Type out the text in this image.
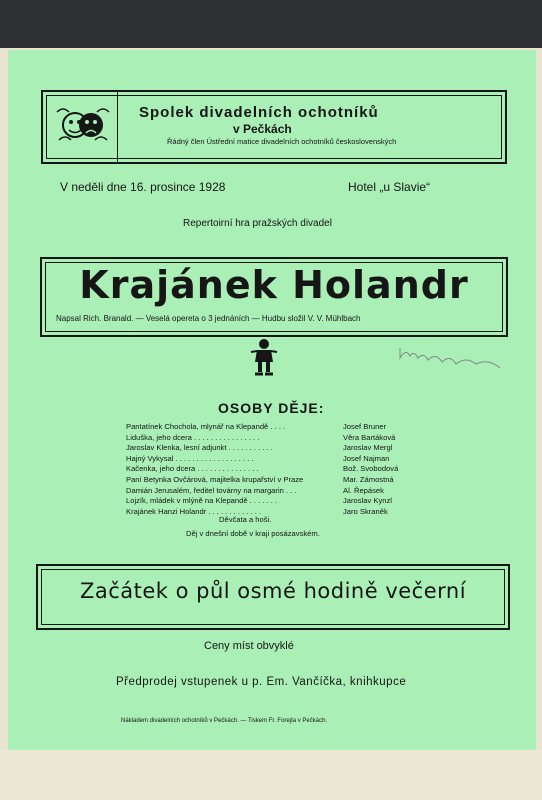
Spolek divadelních ochotníků
v Pečkách
Řádný člen Ústřední matice divadelních ochotníků československých
V neděli dne 16. prosince 1928	Hotel „u Slavie“
Repertoirní hra pražských divadel
Krajánek Holandr
Napsal Rich. Branald. — Veselá opereta o 3 jednáních — Hudbu složil V. V. Mühlbach
OSOBY DĚJE:
Pantatínek Chochola, mlynář na Klepandě . . . .	Josef Bruner
Liduška, jeho dcera . . . . . . . . . . . . . . . .	Věra Bartáková
Jaroslav Klenka, lesní adjunkt . . . . . . . . . . .	Jaroslav Mergl
Hajný Vykysal . . . . . . . . . . . . . . . . . . .	Josef Najman
Kačenka, jeho dcera . . . . . . . . . . . . . . .	Bož. Svobodová
Paní Betynka Ovčárová, majitelka krupařství v Praze	Mar. Zámostná
Damián Jerusalém, ředitel továrny na margarin . . .	Al. Řepásek
Lojzík, mládek v mlýně na Klepandě . . . . . . .	Jaroslav Kynzl
Krajánek Hanzi Holandr . . . . . . . . . . . . .	Jaro Skraněk
Děvčata a hoši.
Děj v dnešní době v kraji posázavském.
Začátek o půl osmé hodině večerní
Ceny míst obvyklé
Předprodej vstupenek u p. Em. Vančíčka, knihkupce
Nákladem divadelních ochotníků v Pečkách. — Tiskem Fr. Forejta v Pečkách.
